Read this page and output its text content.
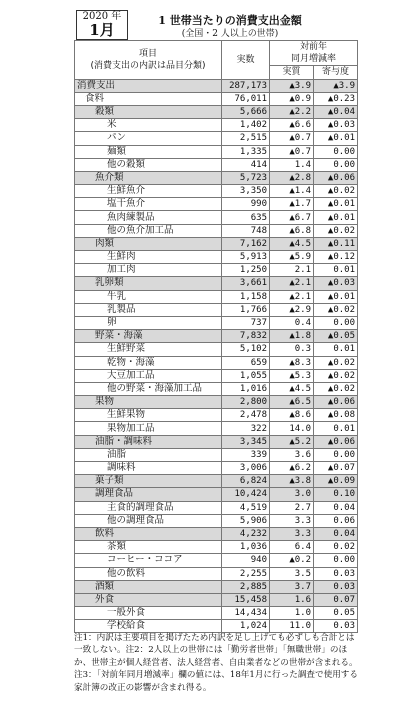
2020 年
1月
1 世帯当たりの消費支出金額
(全国・2 人以上の世帯)
項目
(消費支出の内訳は品目分類)	実数	対前年	
		同月増減率	
		実質	寄与度
消費支出	287,173	▲3.9	▲3.9
食料	76,011	▲0.9	▲0.23
穀類	5,666	▲2.2	▲0.04
米	1,402	▲6.6	▲0.03
パン	2,515	▲0.7	▲0.01
麺類	1,335	▲0.7	0.00
他の穀類	414	1.4	0.00
魚介類	5,723	▲2.8	▲0.06
生鮮魚介	3,350	▲1.4	▲0.02
塩干魚介	990	▲1.7	▲0.01
魚肉練製品	635	▲6.7	▲0.01
他の魚介加工品	748	▲6.8	▲0.02
肉類	7,162	▲4.5	▲0.11
生鮮肉	5,913	▲5.9	▲0.12
加工肉	1,250	2.1	0.01
乳卵類	3,661	▲2.1	▲0.03
牛乳	1,158	▲2.1	▲0.01
乳製品	1,766	▲2.9	▲0.02
卵	737	0.4	0.00
野菜・海藻	7,832	▲1.8	▲0.05
生鮮野菜	5,102	0.3	0.01
乾物・海藻	659	▲8.3	▲0.02
大豆加工品	1,055	▲5.3	▲0.02
他の野菜・海藻加工品	1,016	▲4.5	▲0.02
果物	2,800	▲6.5	▲0.06
生鮮果物	2,478	▲8.6	▲0.08
果物加工品	322	14.0	0.01
油脂・調味料	3,345	▲5.2	▲0.06
油脂	339	3.6	0.00
調味料	3,006	▲6.2	▲0.07
菓子類	6,824	▲3.8	▲0.09
調理食品	10,424	3.0	0.10
主食的調理食品	4,519	2.7	0.04
他の調理食品	5,906	3.3	0.06
飲料	4,232	3.3	0.04
茶類	1,036	6.4	0.02
コーヒー・ココア	940	▲0.2	0.00
他の飲料	2,255	3.5	0.03
酒類	2,885	3.7	0.03
外食	15,458	1.6	0.07
一般外食	14,434	1.0	0.05
学校給食	1,024	11.0	0.03
注1：内訳は主要項目を掲げたため内訳を足し上げても必ずしも合計とは一致しない。注2：2人以上の世帯には「勤労者世帯」「無職世帯」のほか、世帯主が個人経営者、法人経営者、自由業者などの世帯が含まれる。注3：「対前年同月増減率」欄の値には、18年1月に行った調査で使用する家計簿の改正の影響が含まれ得る。
